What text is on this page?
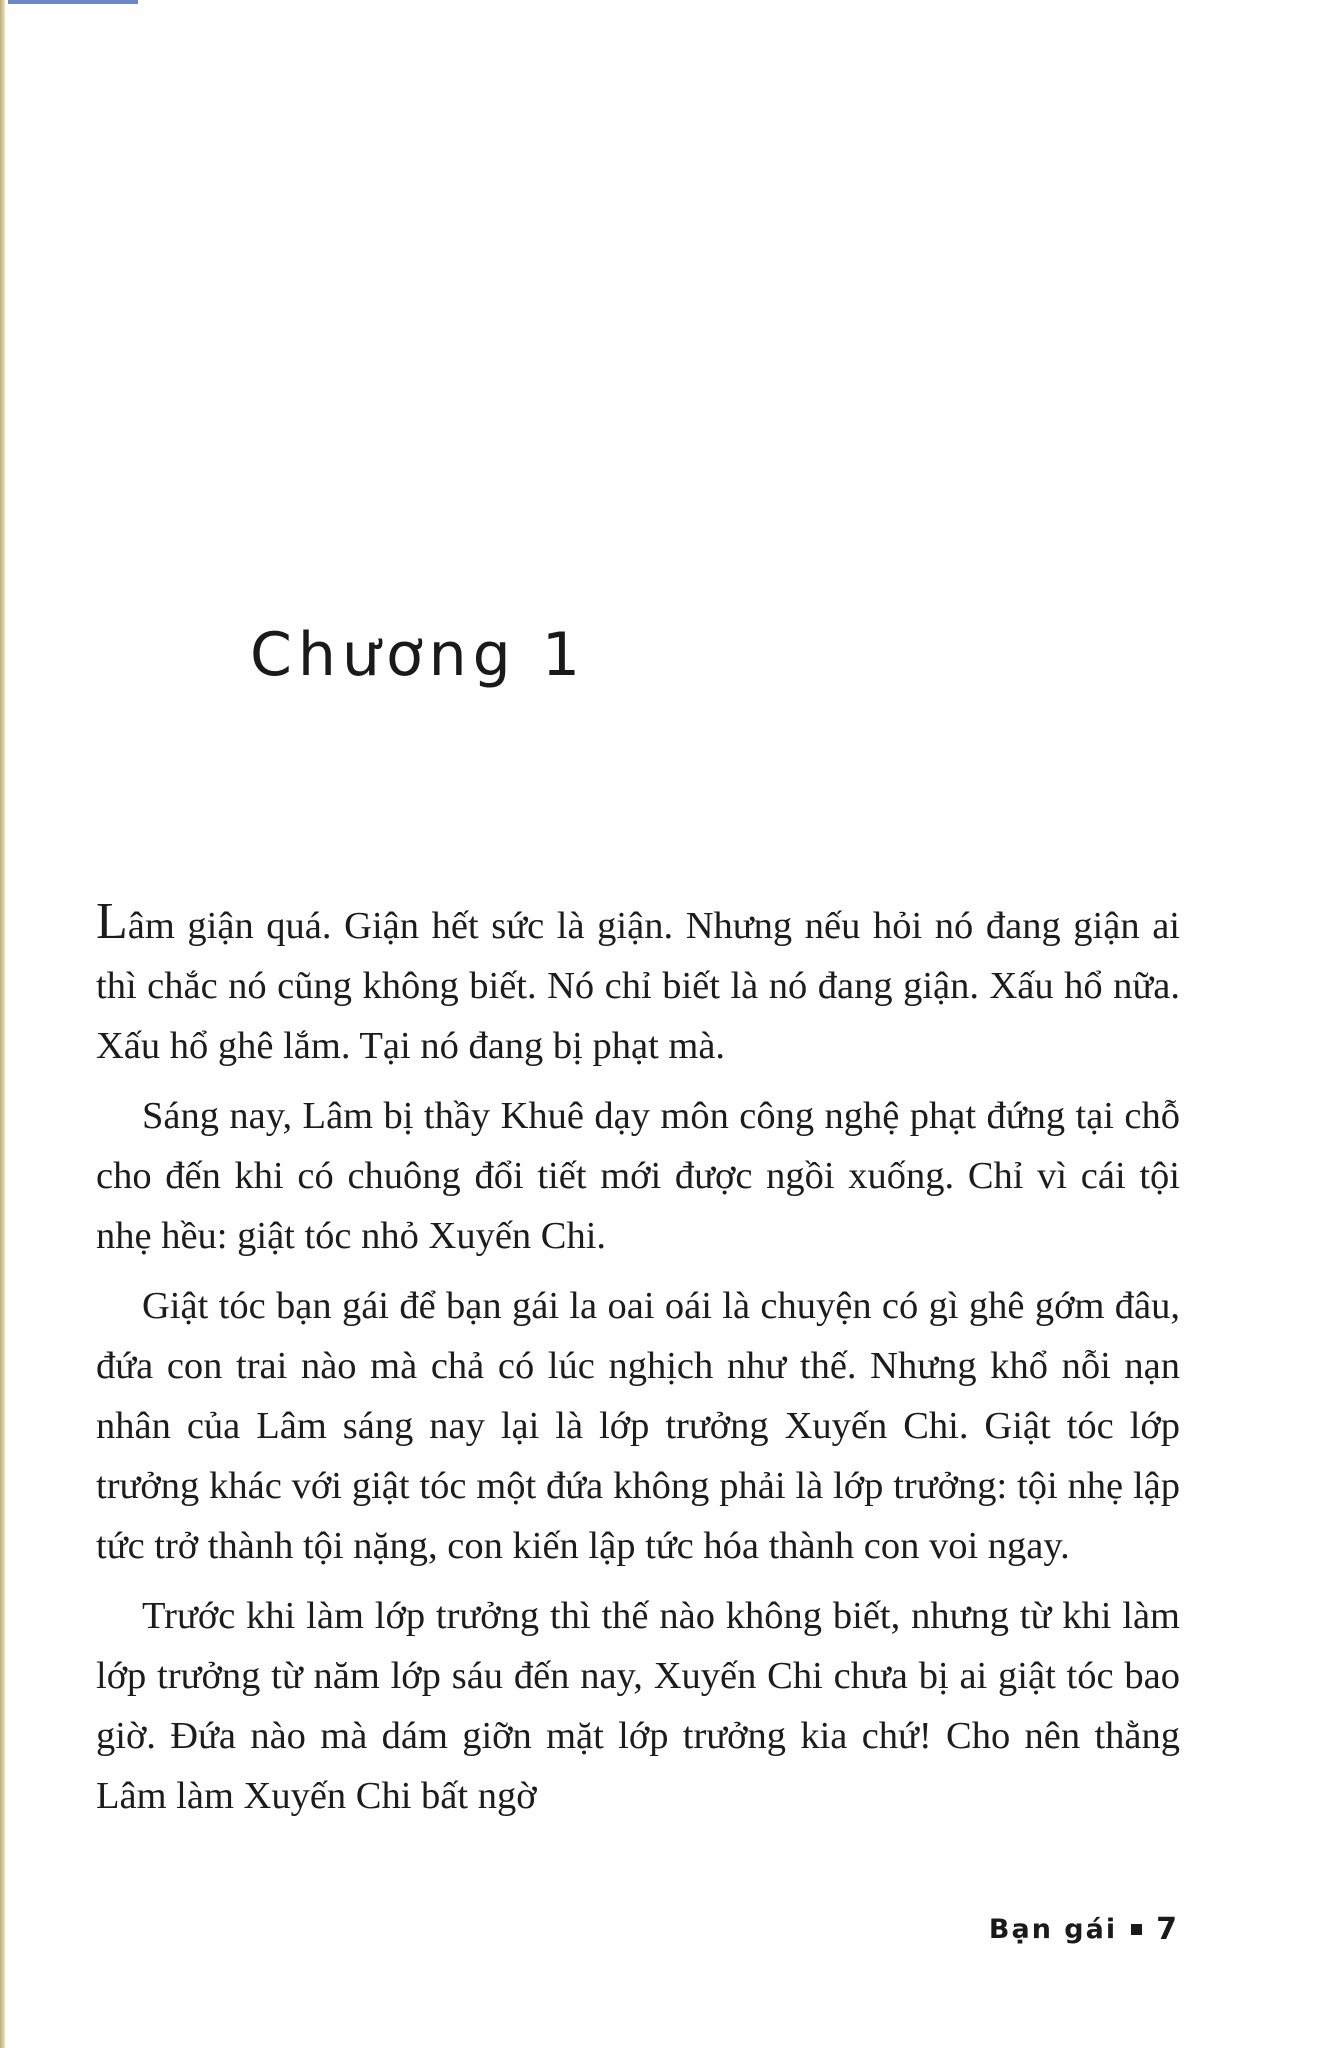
Chương 1

Lâm giận quá. Giận hết sức là giận. Nhưng nếu hỏi nó đang giận ai thì chắc nó cũng không biết. Nó chỉ biết là nó đang giận. Xấu hổ nữa. Xấu hổ ghê lắm. Tại nó đang bị phạt mà.

Sáng nay, Lâm bị thầy Khuê dạy môn công nghệ phạt đứng tại chỗ cho đến khi có chuông đổi tiết mới được ngồi xuống. Chỉ vì cái tội nhẹ hều: giật tóc nhỏ Xuyến Chi.

Giật tóc bạn gái để bạn gái la oai oái là chuyện có gì ghê gớm đâu, đứa con trai nào mà chả có lúc nghịch như thế. Nhưng khổ nỗi nạn nhân của Lâm sáng nay lại là lớp trưởng Xuyến Chi. Giật tóc lớp trưởng khác với giật tóc một đứa không phải là lớp trưởng: tội nhẹ lập tức trở thành tội nặng, con kiến lập tức hóa thành con voi ngay.

Trước khi làm lớp trưởng thì thế nào không biết, nhưng từ khi làm lớp trưởng từ năm lớp sáu đến nay, Xuyến Chi chưa bị ai giật tóc bao giờ. Đứa nào mà dám giỡn mặt lớp trưởng kia chứ! Cho nên thằng Lâm làm Xuyến Chi bất ngờ

Bạn gái 7
